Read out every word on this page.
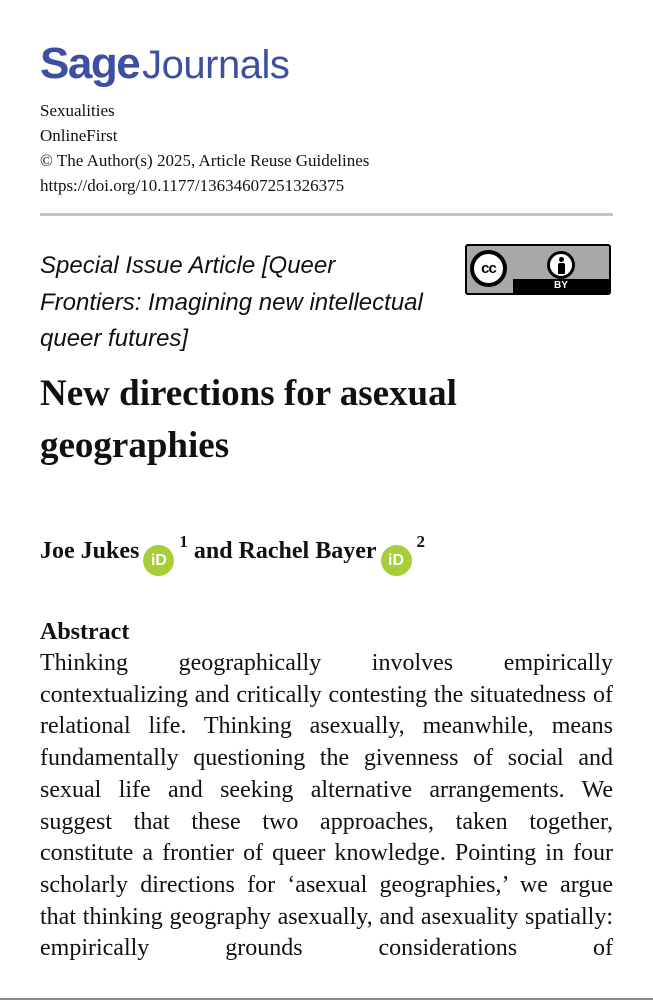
SageJournals
Sexualities
OnlineFirst
© The Author(s) 2025, Article Reuse Guidelines
https://doi.org/10.1177/13634607251326375
Special Issue Article [Queer Frontiers: Imagining new intellectual queer futures]
cc
BY
New directions for asexual geographies
Joe Jukes $iD^1$ and Rachel Bayer $iD^2$
Abstract

Thinking geographically involves empirically contextualizing and critically contesting the situatedness of relational life. Thinking asexually, meanwhile, means fundamentally questioning the givenness of social and sexual life and seeking alternative arrangements. We suggest that these two approaches, taken together, constitute a frontier of queer knowledge. Pointing in four scholarly directions for ‘asexual geographies,’ we argue that thinking geography asexually, and asexuality spatially: empirically grounds considerations of
